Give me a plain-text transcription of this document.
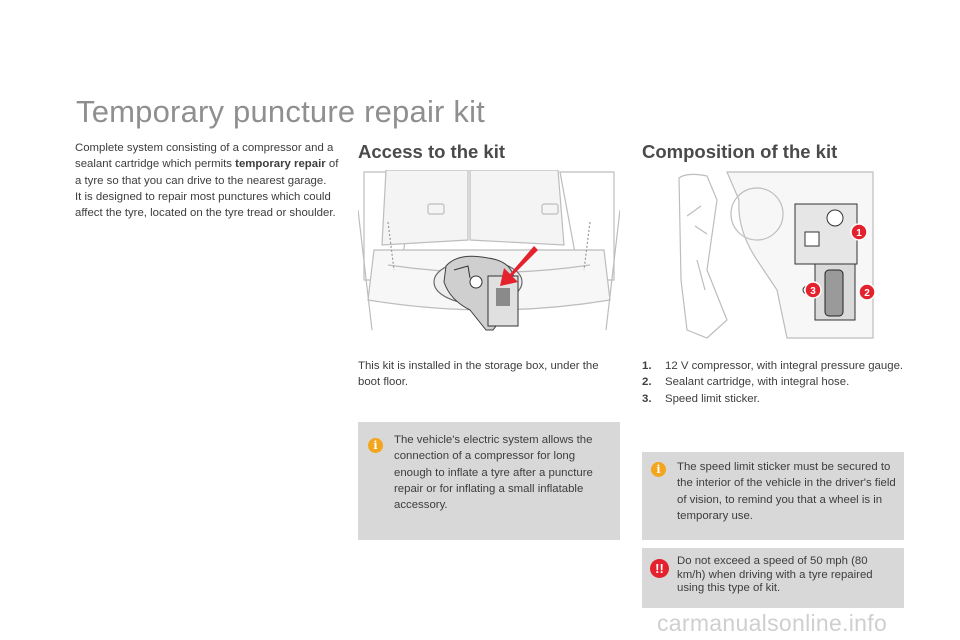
Temporary puncture repair kit
Complete system consisting of a compressor and a sealant cartridge which permits temporary repair of a tyre so that you can drive to the nearest garage.
It is designed to repair most punctures which could affect the tyre, located on the tyre tread or shoulder.
Access to the kit	Composition of the kit
1
2
3
This kit is installed in the storage box, under the boot floor.
1.	12 V compressor, with integral pressure gauge.
2.	Sealant cartridge, with integral hose.
3.	Speed limit sticker.
i	The vehicle's electric system allows the connection of a compressor for long enough to inflate a tyre after a puncture repair or for inflating a small inflatable accessory.
i	The speed limit sticker must be secured to the interior of the vehicle in the driver's field of vision, to remind you that a wheel is in temporary use.
!!	Do not exceed a speed of 50 mph (80 km/h) when driving with a tyre repaired using this type of kit.
carmanualsonline.info
